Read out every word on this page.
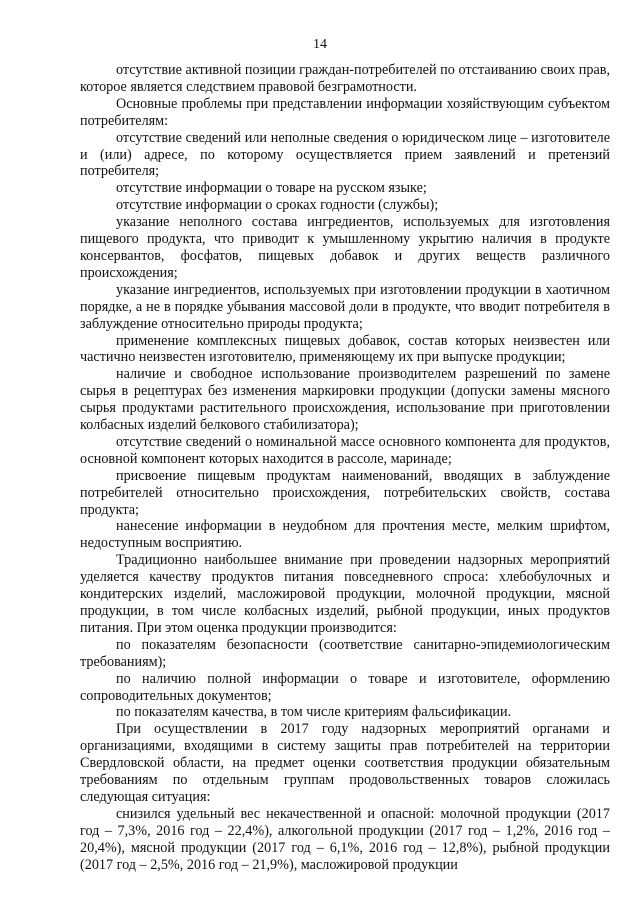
14

отсутствие активной позиции граждан-потребителей по отстаиванию своих прав, которое является следствием правовой безграмотности.

Основные проблемы при представлении информации хозяйствующим субъектом потребителям:

отсутствие сведений или неполные сведения о юридическом лице – изготовителе и (или) адресе, по которому осуществляется прием заявлений и претензий потребителя;

отсутствие информации о товаре на русском языке;

отсутствие информации о сроках годности (службы);

указание неполного состава ингредиентов, используемых для изготовления пищевого продукта, что приводит к умышленному укрытию наличия в продукте консервантов, фосфатов, пищевых добавок и других веществ различного происхождения;

указание ингредиентов, используемых при изготовлении продукции в хаотичном порядке, а не в порядке убывания массовой доли в продукте, что вводит потребителя в заблуждение относительно природы продукта;

применение комплексных пищевых добавок, состав которых неизвестен или частично неизвестен изготовителю, применяющему их при выпуске продукции;

наличие и свободное использование производителем разрешений по замене сырья в рецептурах без изменения маркировки продукции (допуски замены мясного сырья продуктами растительного происхождения, использование при приготовлении колбасных изделий белкового стабилизатора);

отсутствие сведений о номинальной массе основного компонента для продуктов, основной компонент которых находится в рассоле, маринаде;

присвоение пищевым продуктам наименований, вводящих в заблуждение потребителей относительно происхождения, потребительских свойств, состава продукта;

нанесение информации в неудобном для прочтения месте, мелким шрифтом, недоступным восприятию.

Традиционно наибольшее внимание при проведении надзорных мероприятий уделяется качеству продуктов питания повседневного спроса: хлебобулочных и кондитерских изделий, масложировой продукции, молочной продукции, мясной продукции, в том числе колбасных изделий, рыбной продукции, иных продуктов питания. При этом оценка продукции производится:

по показателям безопасности (соответствие санитарно-эпидемиологическим требованиям);

по наличию полной информации о товаре и изготовителе, оформлению сопроводительных документов;

по показателям качества, в том числе критериям фальсификации.

При осуществлении в 2017 году надзорных мероприятий органами и организациями, входящими в систему защиты прав потребителей на территории Свердловской области, на предмет оценки соответствия продукции обязательным требованиям по отдельным группам продовольственных товаров сложилась следующая ситуация:

снизился удельный вес некачественной и опасной: молочной продукции (2017 год – 7,3%, 2016 год – 22,4%), алкогольной продукции (2017 год – 1,2%, 2016 год – 20,4%), мясной продукции (2017 год – 6,1%, 2016 год – 12,8%), рыбной продукции (2017 год – 2,5%, 2016 год – 21,9%), масложировой продукции
